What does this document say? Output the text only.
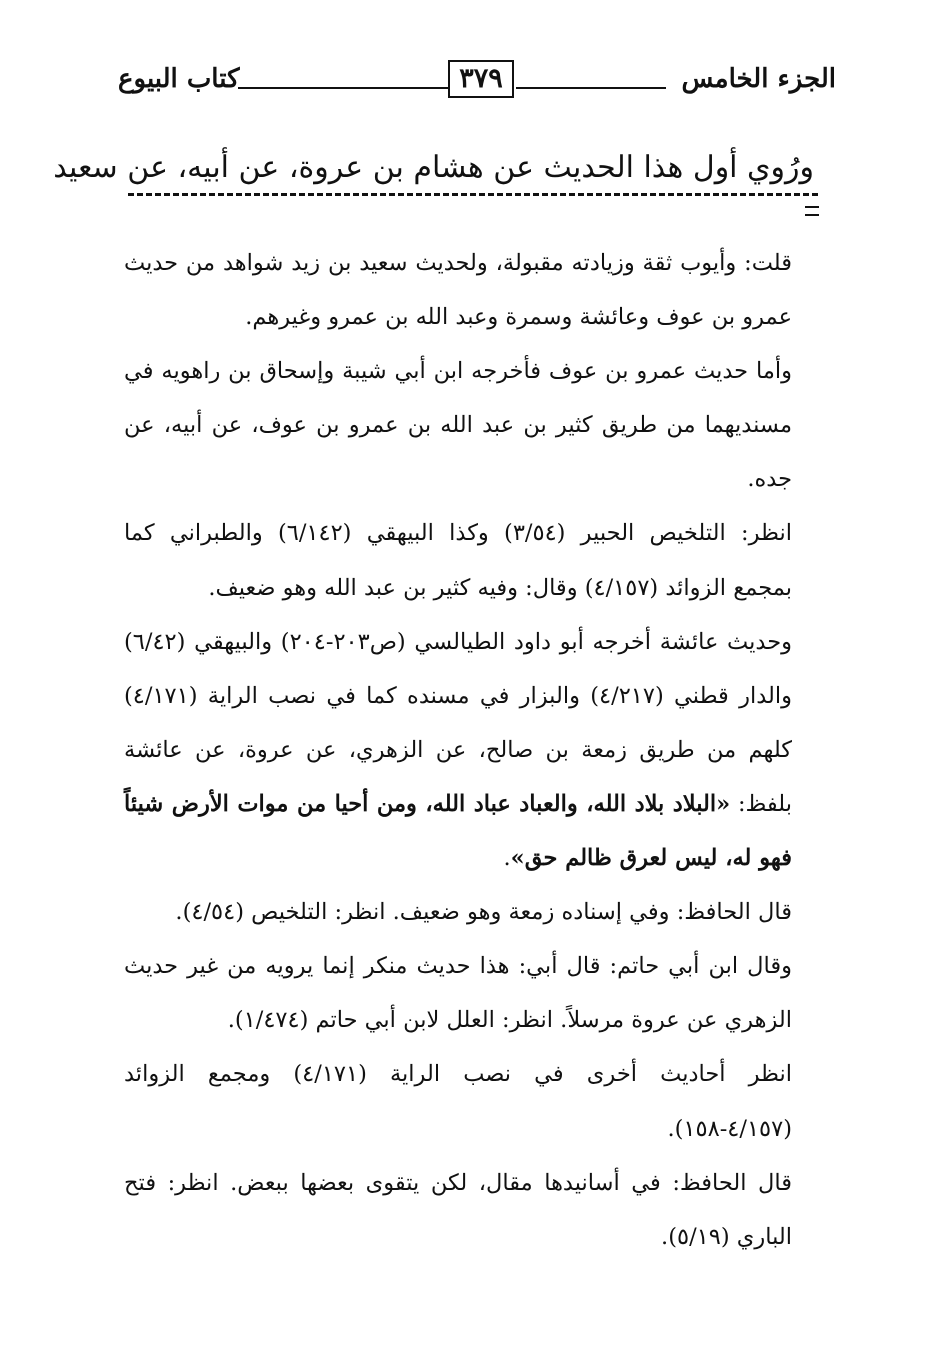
الجزء الخامس
٣٧٩
كتاب البيوع
ورُوي أول هذا الحديث عن هشام بن عروة، عن أبيه، عن سعيد

قلت: وأيوب ثقة وزيادته مقبولة، ولحديث سعيد بن زيد شواهد من حديث عمرو بن عوف وعائشة وسمرة وعبد الله بن عمرو وغيرهم.

وأما حديث عمرو بن عوف فأخرجه ابن أبي شيبة وإسحاق بن راهويه في مسنديهما من طريق كثير بن عبد الله بن عمرو بن عوف، عن أبيه، عن جده.

انظر: التلخيص الحبير (٣/٥٤) وكذا البيهقي (٦/١٤٢) والطبراني كما بمجمع الزوائد (٤/١٥٧) وقال: وفيه كثير بن عبد الله وهو ضعيف.

وحديث عائشة أخرجه أبو داود الطيالسي (ص٢٠٣-٢٠٤) والبيهقي (٦/٤٢) والدار قطني (٤/٢١٧) والبزار في مسنده كما في نصب الراية (٤/١٧١) كلهم من طريق زمعة بن صالح، عن الزهري، عن عروة، عن عائشة بلفظ: «البلاد بلاد الله، والعباد عباد الله، ومن أحيا من موات الأرض شيئاً فهو له، ليس لعرق ظالم حق».

قال الحافظ: وفي إسناده زمعة وهو ضعيف. انظر: التلخيص (٤/٥٤).

وقال ابن أبي حاتم: قال أبي: هذا حديث منكر إنما يرويه من غير حديث الزهري عن عروة مرسلاً. انظر: العلل لابن أبي حاتم (١/٤٧٤).

انظر أحاديث أخرى في نصب الراية (٤/١٧١) ومجمع الزوائد (٤/١٥٧-١٥٨).

قال الحافظ: في أسانيدها مقال، لكن يتقوى بعضها ببعض. انظر: فتح الباري (٥/١٩).
